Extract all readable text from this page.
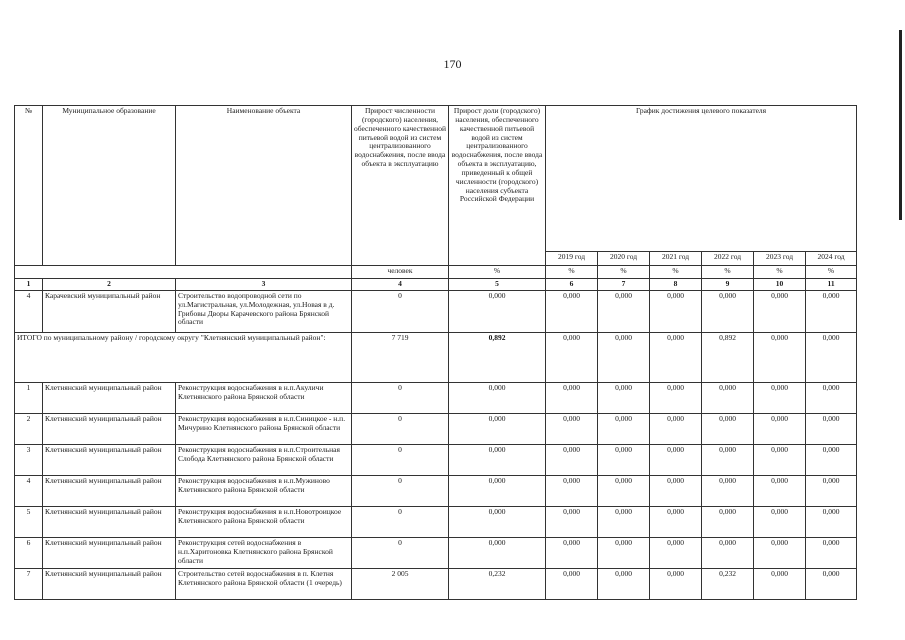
170
№	Муниципальное образование	Наименование объекта	Прирост численности (городского) населения, обеспеченного качественной питьевой водой из систем централизованного водоснабжения, после ввода объекта в эксплуатацию	Прирост доли (городского) населения, обеспеченного качественной питьевой водой из систем централизованного водоснабжения, после ввода объекта в эксплуатацию, приведенный к общей численности (городского) населения субъекта Российской Федерации	График достижения целевого показателя					
					2019 год	2020 год	2021 год	2022 год	2023 год	2024 год
			человек	%	%	%	%	%	%	%
1	2	3	4	5	6	7	8	9	10	11
4	Карачевский муниципальный район	Строительство водопроводной сети по ул.Магистральная, ул.Молодежная, ул.Новая в д. Грибовы Дворы Карачевского района Брянской области	0	0,000	0,000	0,000	0,000	0,000	0,000	0,000
ИТОГО по муниципальному району / городскому округу "Клетнянский муниципальный район":			7 719	0,892	0,000	0,000	0,000	0,892	0,000	0,000
1	Клетнянский муниципальный район	Реконструкция водоснабжения в н.п.Акуличи Клетнянского района Брянской области	0	0,000	0,000	0,000	0,000	0,000	0,000	0,000
2	Клетнянский муниципальный район	Реконструкция водоснабжения в н.п.Синицкое - н.п. Мичурино Клетнянского района Брянской области	0	0,000	0,000	0,000	0,000	0,000	0,000	0,000
3	Клетнянский муниципальный район	Реконструкция водоснабжения в н.п.Строительная Слобода Клетнянского района Брянской области	0	0,000	0,000	0,000	0,000	0,000	0,000	0,000
4	Клетнянский муниципальный район	Реконструкция водоснабжения в н.п.Мужиново Клетнянского района Брянской области	0	0,000	0,000	0,000	0,000	0,000	0,000	0,000
5	Клетнянский муниципальный район	Реконструкция водоснабжения в н.п.Новотроицкое Клетнянского района Брянской области	0	0,000	0,000	0,000	0,000	0,000	0,000	0,000
6	Клетнянский муниципальный район	Реконструкция сетей водоснабжения в н.п.Харитоновка Клетнянского района Брянской области	0	0,000	0,000	0,000	0,000	0,000	0,000	0,000
7	Клетнянский муниципальный район	Строительство сетей водоснабжения в п. Клетня Клетнянского района Брянской области (1 очередь)	2 005	0,232	0,000	0,000	0,000	0,232	0,000	0,000
